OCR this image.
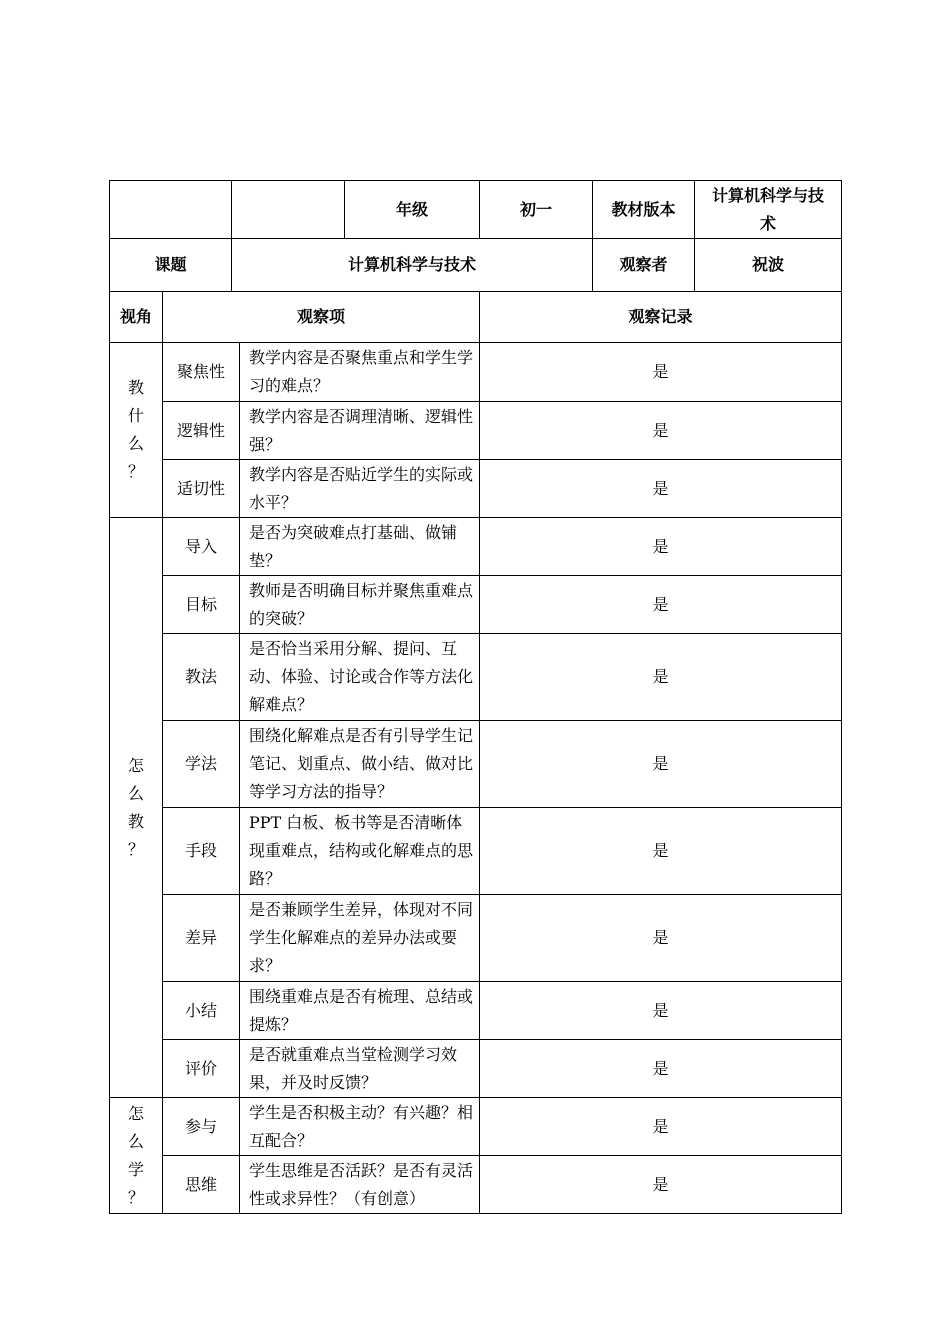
				年级	初一	教材版本	计算机科学与技术
课题		计算机科学与技术				观察者	祝波
视角	观察项				观察记录		

教
什
么
？	聚焦性		教学内容是否聚焦重点和学生学习的难点？		是		
	逻辑性		教学内容是否调理清晰、逻辑性强？		是		
	适切性		教学内容是否贴近学生的实际或水平？		是		

怎
么
教
？	导入		是否为突破难点打基础、做铺垫？		是		
	目标		教师是否明确目标并聚焦重难点的突破？		是		
	教法		是否恰当采用分解、提问、互动、体验、讨论或合作等方法化解难点？		是		
	学法		围绕化解难点是否有引导学生记笔记、划重点、做小结、做对比等学习方法的指导？		是		
	手段		PPT 白板、板书等是否清晰体现重难点，结构或化解难点的思路？		是		
	差异		是否兼顾学生差异，体现对不同学生化解难点的差异办法或要求？		是		
	小结		围绕重难点是否有梳理、总结或提炼？		是		
	评价		是否就重难点当堂检测学习效果，并及时反馈？		是		

怎
么
学
？	参与		学生是否积极主动？有兴趣？相互配合？		是		
	思维		学生思维是否活跃？是否有灵活性或求异性？（有创意）		是		
